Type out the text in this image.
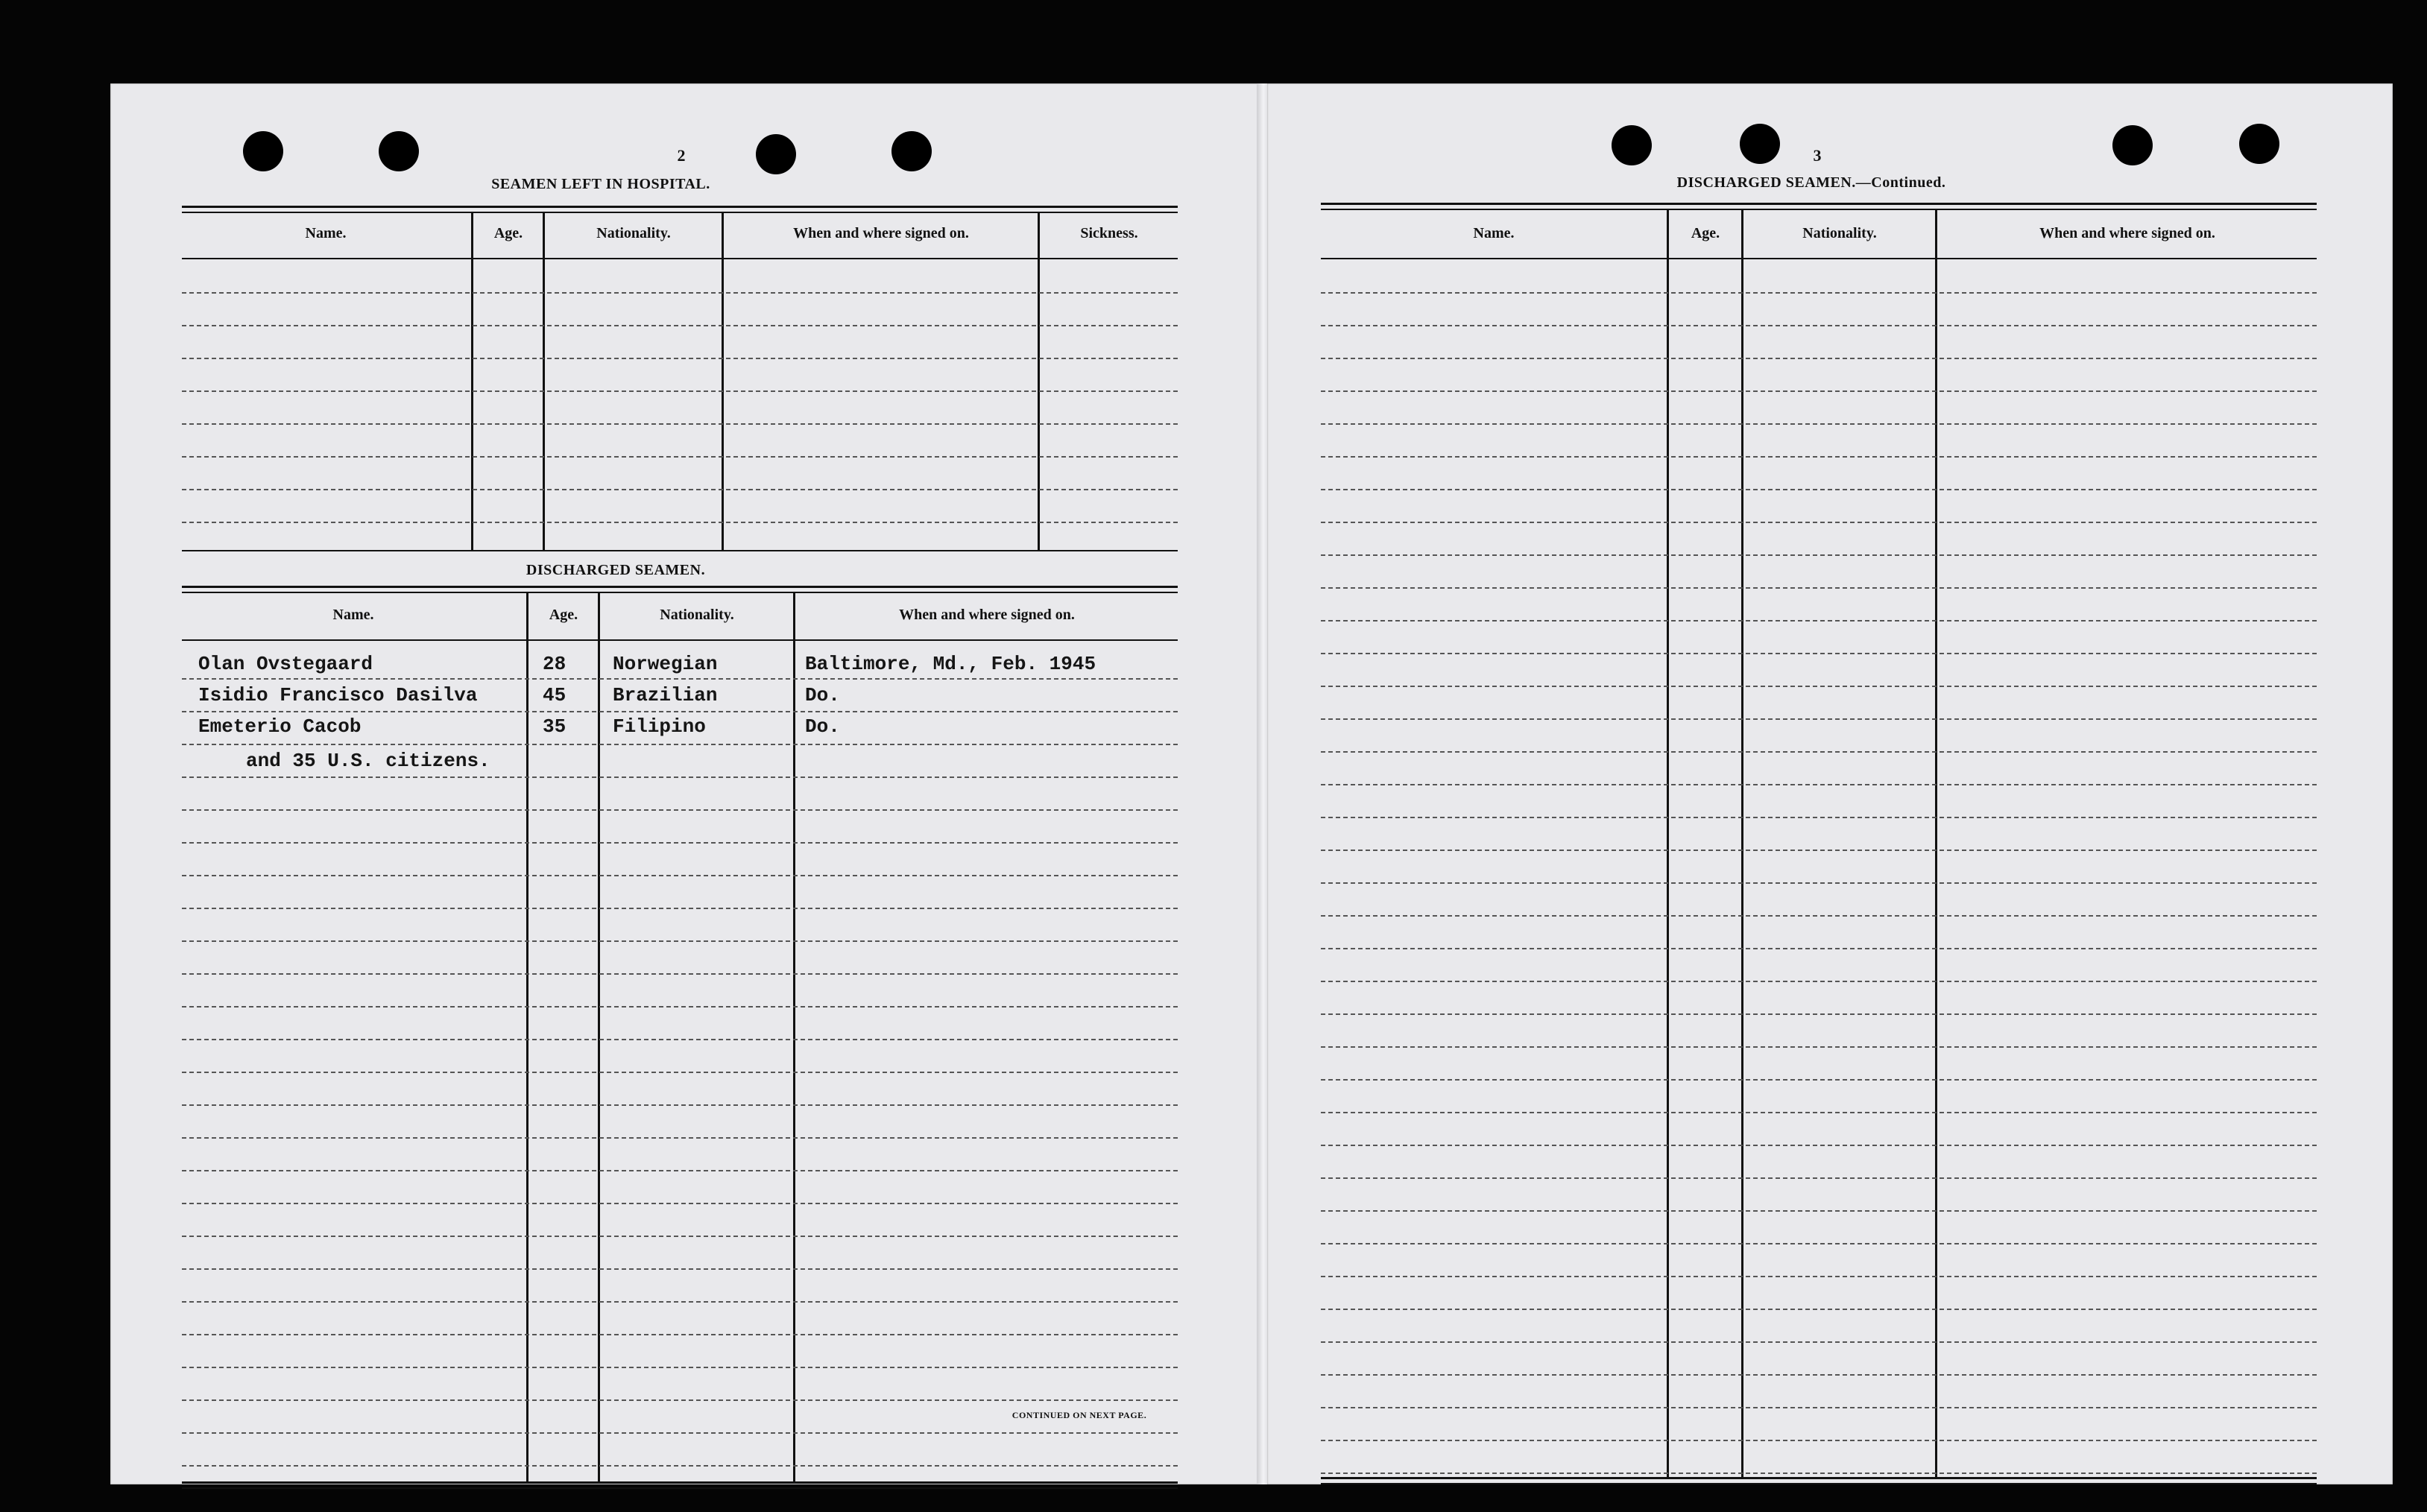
2
SEAMEN LEFT IN HOSPITAL.
Name.	Age.	Nationality.	When and where signed on.	Sickness.
DISCHARGED SEAMEN.
Name.	Age.	Nationality.	When and where signed on.
Olan Ovstegaard	28 Norwegian	Baltimore, Md., Feb. 1945
Isidio Francisco Dasilva	45 Brazilian	Do.
Emeterio Cacob	35 Filipino	Do.
and 35 U.S. citizens.
CONTINUED ON NEXT PAGE.
3
DISCHARGED SEAMEN.—Continued.
Name.	Age.	Nationality.	When and where signed on.
